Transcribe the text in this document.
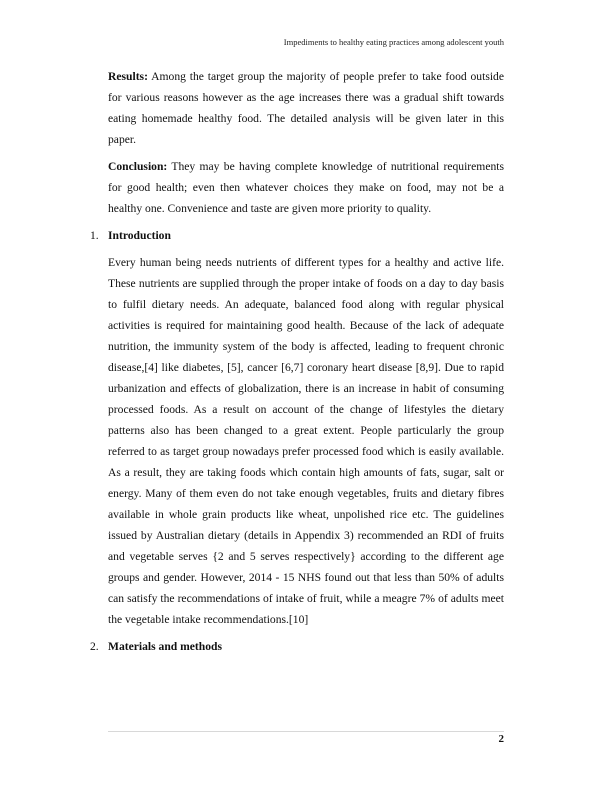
Impediments to healthy eating practices among adolescent youth

Results: Among the target group the majority of people prefer to take food outside for various reasons however as the age increases there was a gradual shift towards eating homemade healthy food. The detailed analysis will be given later in this paper.

Conclusion: They may be having complete knowledge of nutritional requirements for good health; even then whatever choices they make on food, may not be a healthy one. Convenience and taste are given more priority to quality.

1. Introduction

Every human being needs nutrients of different types for a healthy and active life. These nutrients are supplied through the proper intake of foods on a day to day basis to fulfil dietary needs. An adequate, balanced food along with regular physical activities is required for maintaining good health. Because of the lack of adequate nutrition, the immunity system of the body is affected, leading to frequent chronic disease,[4] like diabetes, [5], cancer [6,7] coronary heart disease [8,9]. Due to rapid urbanization and effects of globalization, there is an increase in habit of consuming processed foods. As a result on account of the change of lifestyles the dietary patterns also has been changed to a great extent. People particularly the group referred to as target group nowadays prefer processed food which is easily available. As a result, they are taking foods which contain high amounts of fats, sugar, salt or energy. Many of them even do not take enough vegetables, fruits and dietary fibres available in whole grain products like wheat, unpolished rice etc. The guidelines issued by Australian dietary (details in Appendix 3) recommended an RDI of fruits and vegetable serves {2 and 5 serves respectively} according to the different age groups and gender. However, 2014 - 15 NHS found out that less than 50% of adults can satisfy the recommendations of intake of fruit, while a meagre 7% of adults meet the vegetable intake recommendations.[10]

2. Materials and methods
2
